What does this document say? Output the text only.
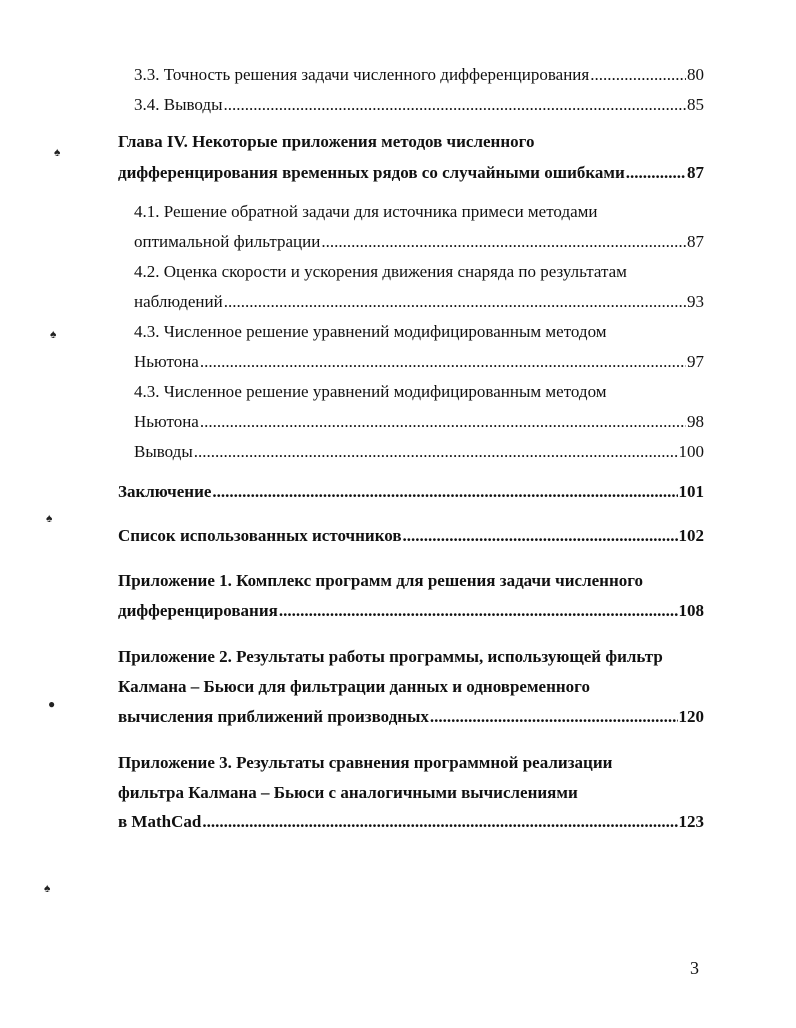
3.3. Точность решения задачи численного дифференцирования .....	80
3.4. Выводы .....	85
Глава IV. Некоторые приложения методов численного
дифференцирования временных рядов со случайными ошибками .....	87
4.1. Решение обратной задачи для источника примеси методами
оптимальной фильтрации .....	87
4.2. Оценка скорости и ускорения движения снаряда по результатам
наблюдений .....	93
4.3. Численное решение уравнений модифицированным методом
Ньютона .....	97
4.3. Численное решение уравнений модифицированным методом
Ньютона .....	98
Выводы .....	100
Заключение .....	101
Список использованных источников .....	102
Приложение 1. Комплекс программ для решения задачи численного
дифференцирования .....	108
Приложение 2. Результаты работы программы, использующей фильтр
Калмана – Бьюси для фильтрации данных и одновременного
вычисления приближений производных .....	120
Приложение 3. Результаты сравнения программной реализации
фильтра Калмана – Бьюси с аналогичными вычислениями
в MathCad .....	123
♠
♠
♠
●
♠
3
